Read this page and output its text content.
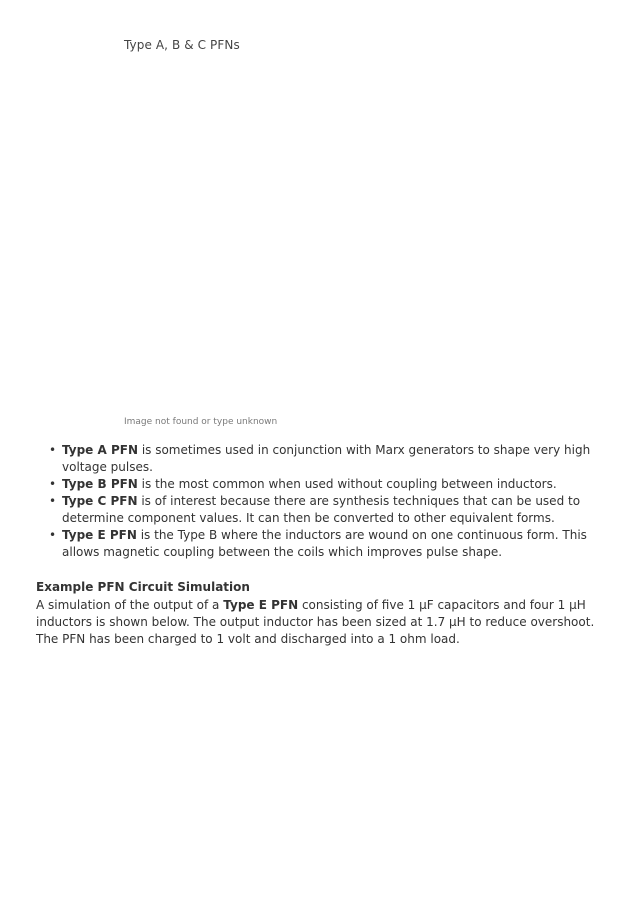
Type A, B & C PFNs
Image not found or type unknown
• Type A PFN is sometimes used in conjunction with Marx generators to shape very high voltage pulses.
• Type B PFN is the most common when used without coupling between inductors.
• Type C PFN is of interest because there are synthesis techniques that can be used to determine component values. It can then be converted to other equivalent forms.
• Type E PFN is the Type B where the inductors are wound on one continuous form. This allows magnetic coupling between the coils which improves pulse shape.
Example PFN Circuit Simulation

A simulation of the output of a Type E PFN consisting of five 1 µF capacitors and four 1 µH inductors is shown below. The output inductor has been sized at 1.7 µH to reduce overshoot. The PFN has been charged to 1 volt and discharged into a 1 ohm load.
